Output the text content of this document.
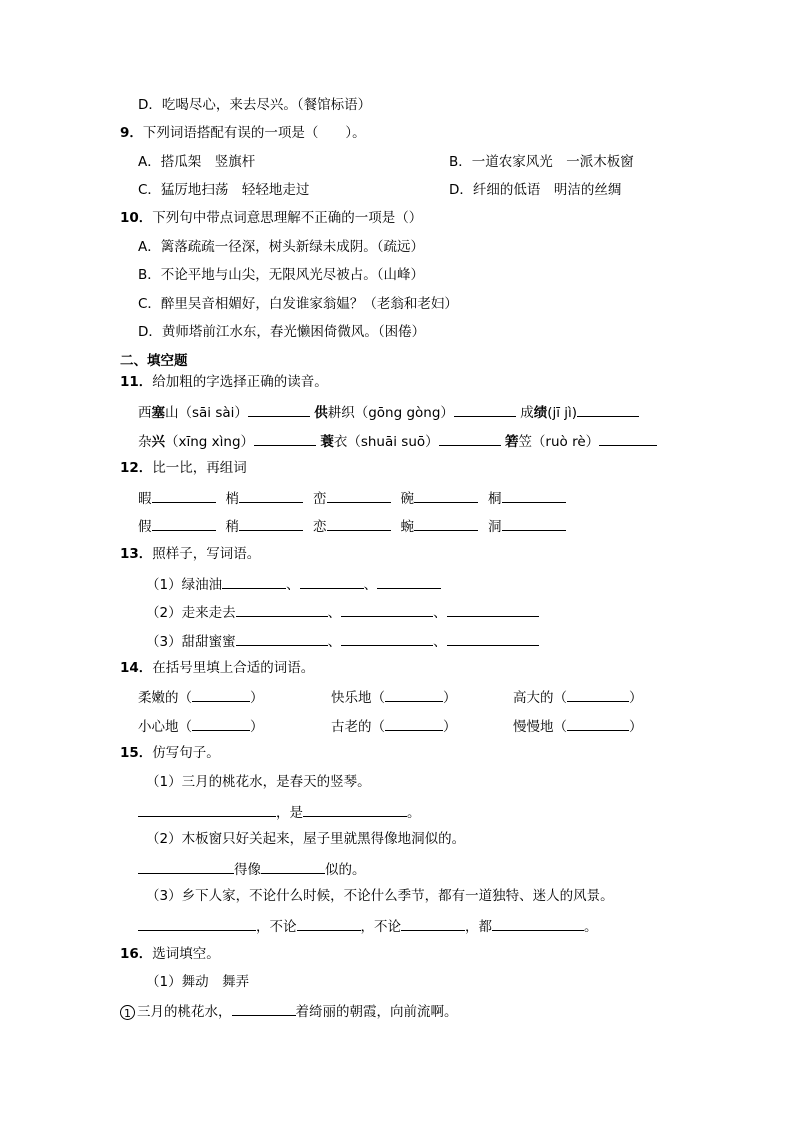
D．吃喝尽心，来去尽兴。（餐馆标语）
9．下列词语搭配有误的一项是（　　）。
A．搭瓜架　竖旗杆	B．一道农家风光　一派木板窗
C．猛厉地扫荡　轻轻地走过	D．纤细的低语　明洁的丝绸
10．下列句中带点词意思理解不正确的一项是（）
A．篱落疏疏一径深，树头新绿未成阴。（疏远）
B．不论平地与山尖，无限风光尽被占。（山峰）
C．醉里吴音相媚好，白发谁家翁媪？（老翁和老妇）
D．黄师塔前江水东，春光懒困倚微风。（困倦）
二、填空题
11．给加粗的字选择正确的读音。
西塞山（sāi sài）	供耕织（gōng gòng）	成绩(jī jì)
杂兴（xīng xìng）	蓑衣（shuāi suō）	箬笠（ruò rè）
12．比一比，再组词
暇	梢	峦	碗	桐
假	稍	恋	蜿	洞
13．照样子，写词语。
（1）绿油油	、	、
（2）走来走去	、	、
（3）甜甜蜜蜜	、	、
14．在括号里填上合适的词语。
柔嫩的（	）	快乐地（	）	高大的（	）
小心地（	）	古老的（	）	慢慢地（	）
15．仿写句子。
（1）三月的桃花水，是春天的竖琴。
，是	。
（2）木板窗只好关起来，屋子里就黑得像地洞似的。
得像	似的。
（3）乡下人家，不论什么时候，不论什么季节，都有一道独特、迷人的风景。
，不论	，不论	，都	。
16．选词填空。
（1）舞动　舞弄
1 三月的桃花水，	着绮丽的朝霞，向前流啊。
